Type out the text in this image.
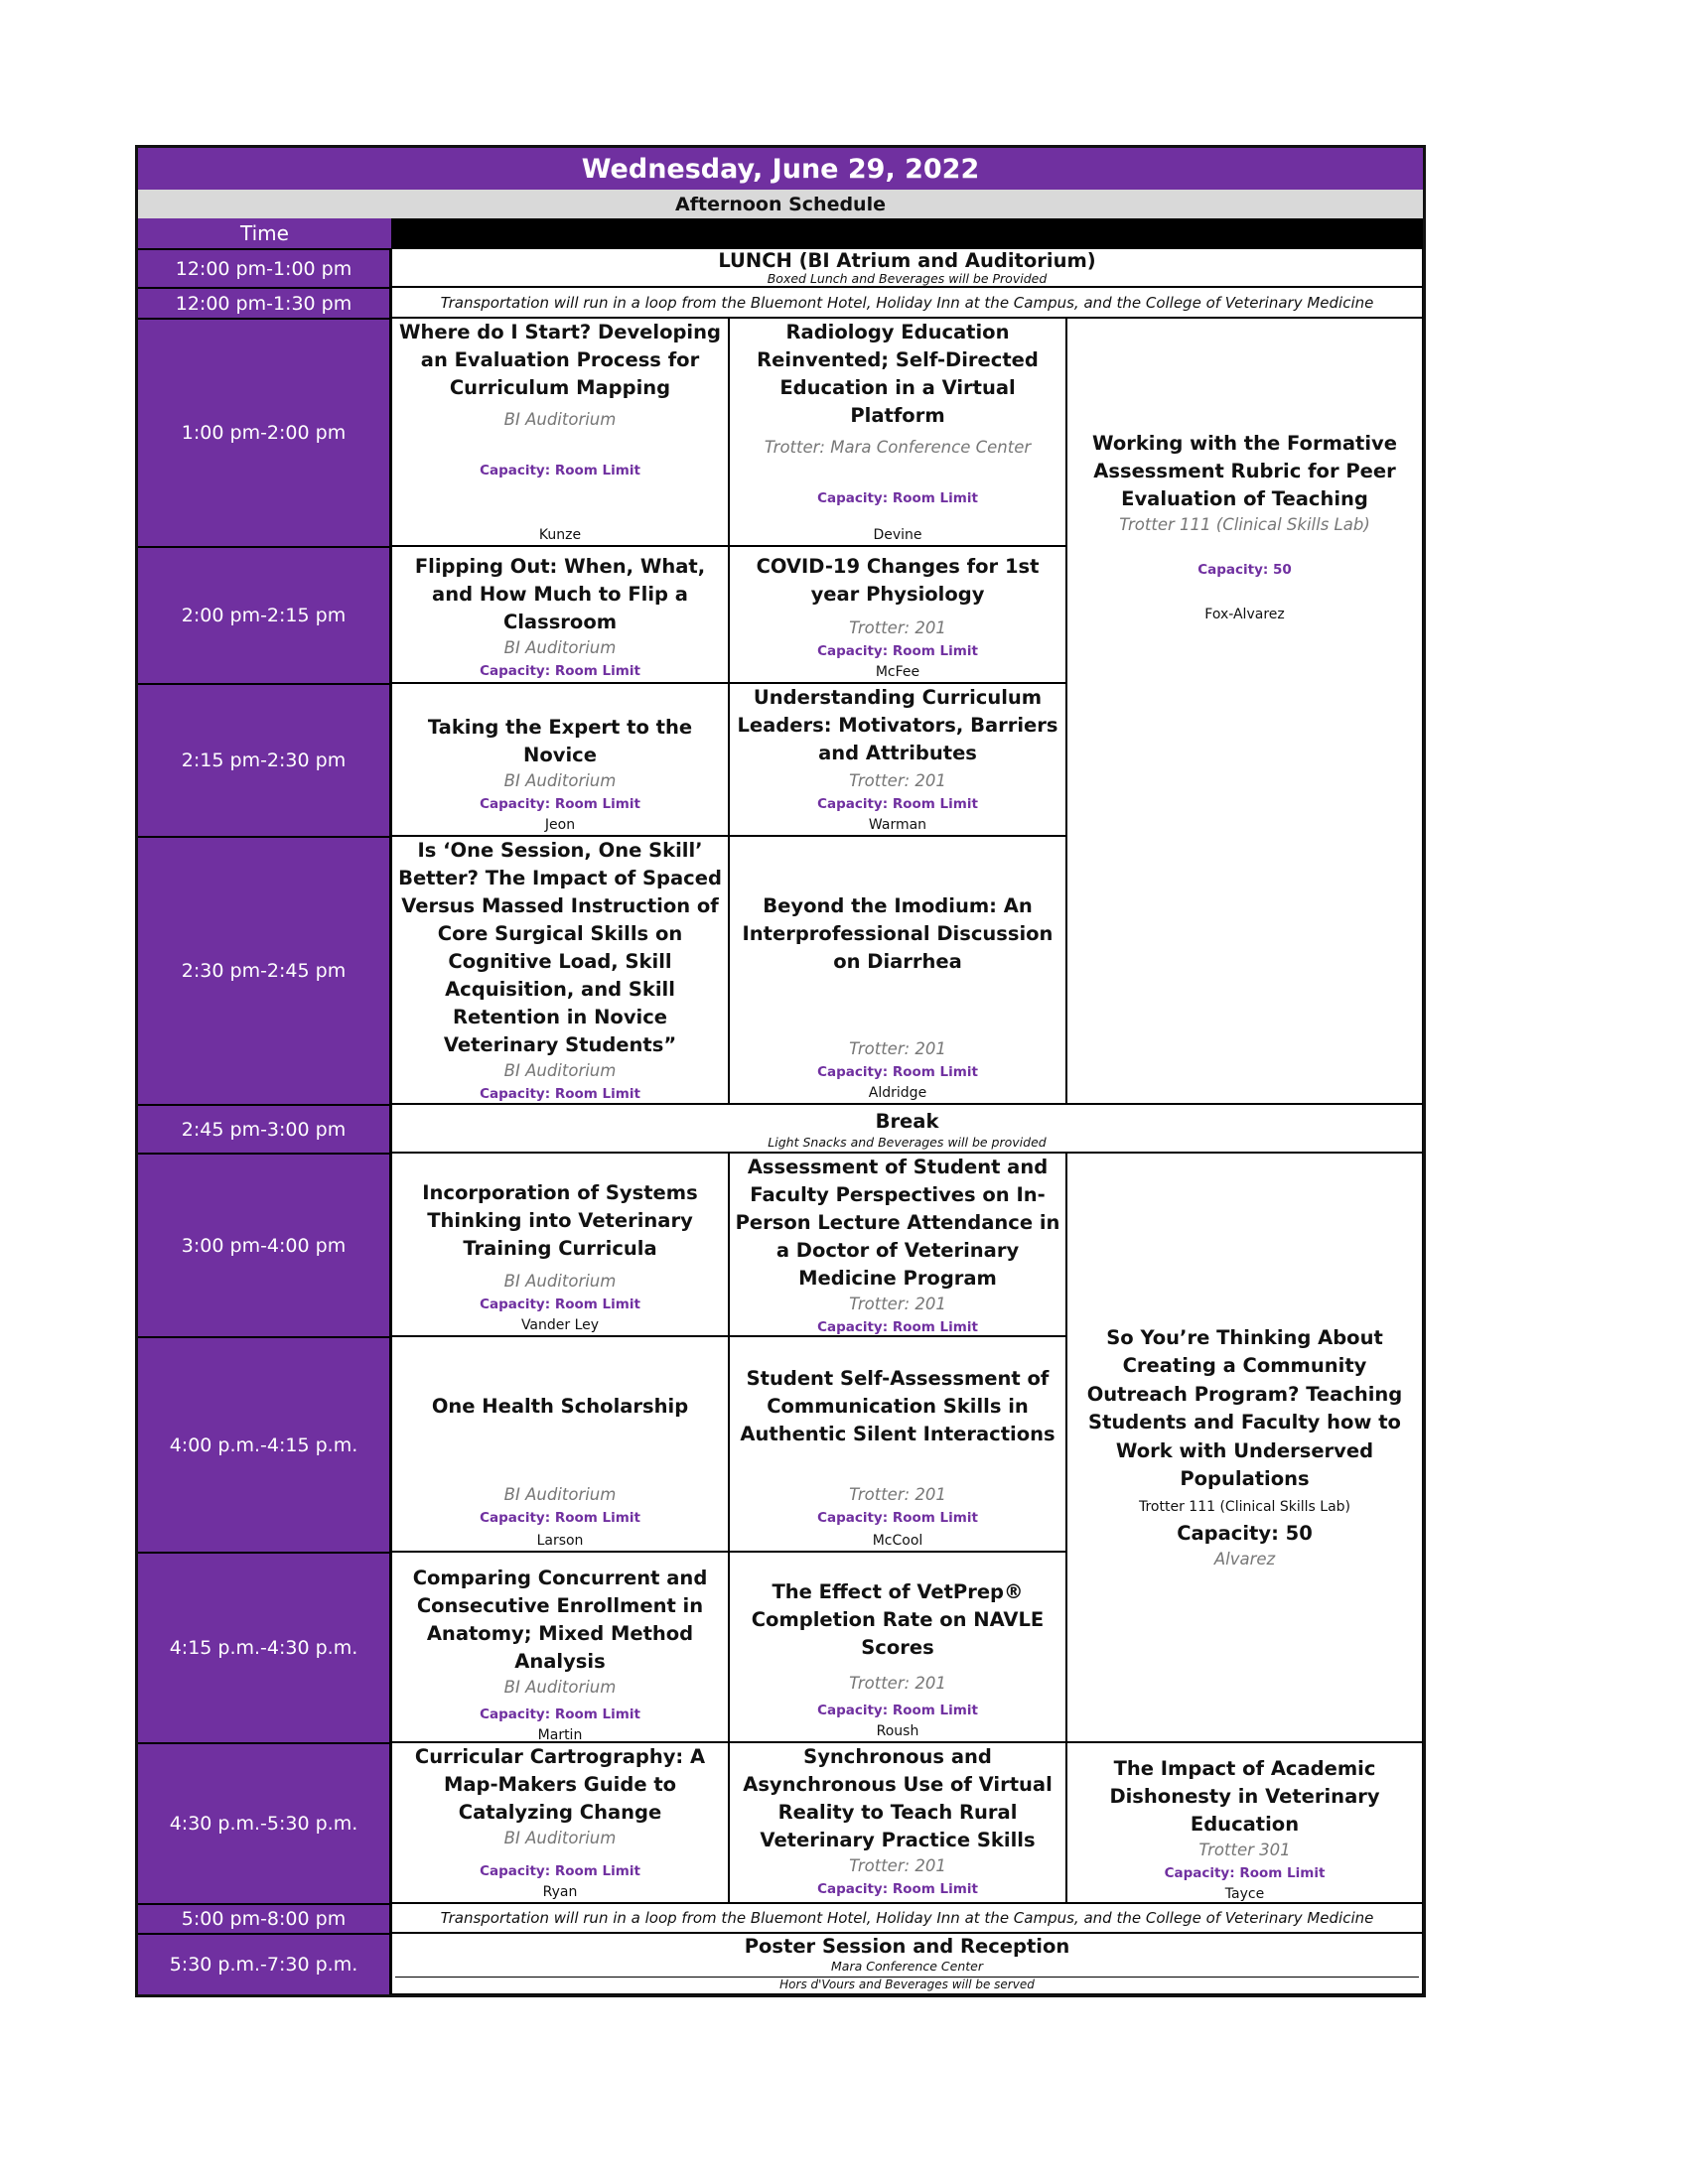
Wednesday, June 29, 2022
Afternoon Schedule
Time
12:00 pm-1:00 pm
12:00 pm-1:30 pm
1:00 pm-2:00 pm
2:00 pm-2:15 pm
2:15 pm-2:30 pm
2:30 pm-2:45 pm
2:45 pm-3:00 pm
3:00 pm-4:00 pm
4:00 p.m.-4:15 p.m.
4:15 p.m.-4:30 p.m.
4:30 p.m.-5:30 p.m.
5:00 pm-8:00 pm
5:30 p.m.-7:30 p.m.
LUNCH (BI Atrium and Auditorium)
Boxed Lunch and Beverages will be Provided
Transportation will run in a loop from the Bluemont Hotel, Holiday Inn at the Campus, and the College of Veterinary Medicine
Where do I Start? Developing an Evaluation Process for Curriculum Mapping
BI Auditorium
Capacity: Room Limit
Kunze
Radiology Education Reinvented; Self-Directed Education in a Virtual Platform
Trotter: Mara Conference Center
Capacity: Room Limit
Devine
Working with the Formative Assessment Rubric for Peer Evaluation of Teaching
Trotter 111 (Clinical Skills Lab)
Capacity: 50
Fox-Alvarez
Flipping Out: When, What, and How Much to Flip a Classroom
BI Auditorium
Capacity: Room Limit
COVID-19 Changes for 1st year Physiology
Trotter: 201
Capacity: Room Limit
McFee
Taking the Expert to the Novice
BI Auditorium
Capacity: Room Limit
Jeon
Understanding Curriculum Leaders: Motivators, Barriers and Attributes
Trotter: 201
Capacity: Room Limit
Warman
Is ‘One Session, One Skill’ Better? The Impact of Spaced Versus Massed Instruction of Core Surgical Skills on Cognitive Load, Skill Acquisition, and Skill Retention in Novice Veterinary Students”
BI Auditorium
Capacity: Room Limit
Beyond the Imodium: An Interprofessional Discussion on Diarrhea
Trotter: 201
Capacity: Room Limit
Aldridge
Break
Light Snacks and Beverages will be provided
Incorporation of Systems Thinking into Veterinary Training Curricula
BI Auditorium
Capacity: Room Limit
Vander Ley
Assessment of Student and Faculty Perspectives on In-Person Lecture Attendance in a Doctor of Veterinary Medicine Program
Trotter: 201
Capacity: Room Limit	So You’re Thinking About Creating a Community Outreach Program? Teaching Students and Faculty how to Work with Underserved Populations
Trotter 111 (Clinical Skills Lab)
Capacity: 50
Alvarez
One Health Scholarship
BI Auditorium
Capacity: Room Limit
Larson
Student Self-Assessment of Communication Skills in Authentic Silent Interactions
Trotter: 201
Capacity: Room Limit
McCool
Comparing Concurrent and Consecutive Enrollment in Anatomy; Mixed Method Analysis
BI Auditorium
Capacity: Room Limit
Martin
The Effect of VetPrep® Completion Rate on NAVLE Scores
Trotter: 201
Capacity: Room Limit
Roush
Curricular Cartrography: A Map-Makers Guide to Catalyzing Change
BI Auditorium
Capacity: Room Limit
Ryan
Synchronous and Asynchronous Use of Virtual Reality to Teach Rural Veterinary Practice Skills
Trotter: 201
Capacity: Room Limit
The Impact of Academic Dishonesty in Veterinary Education
Trotter 301
Capacity: Room Limit
Tayce
Transportation will run in a loop from the Bluemont Hotel, Holiday Inn at the Campus, and the College of Veterinary Medicine
Poster Session and Reception
Mara Conference Center
Hors d'Vours and Beverages will be served
